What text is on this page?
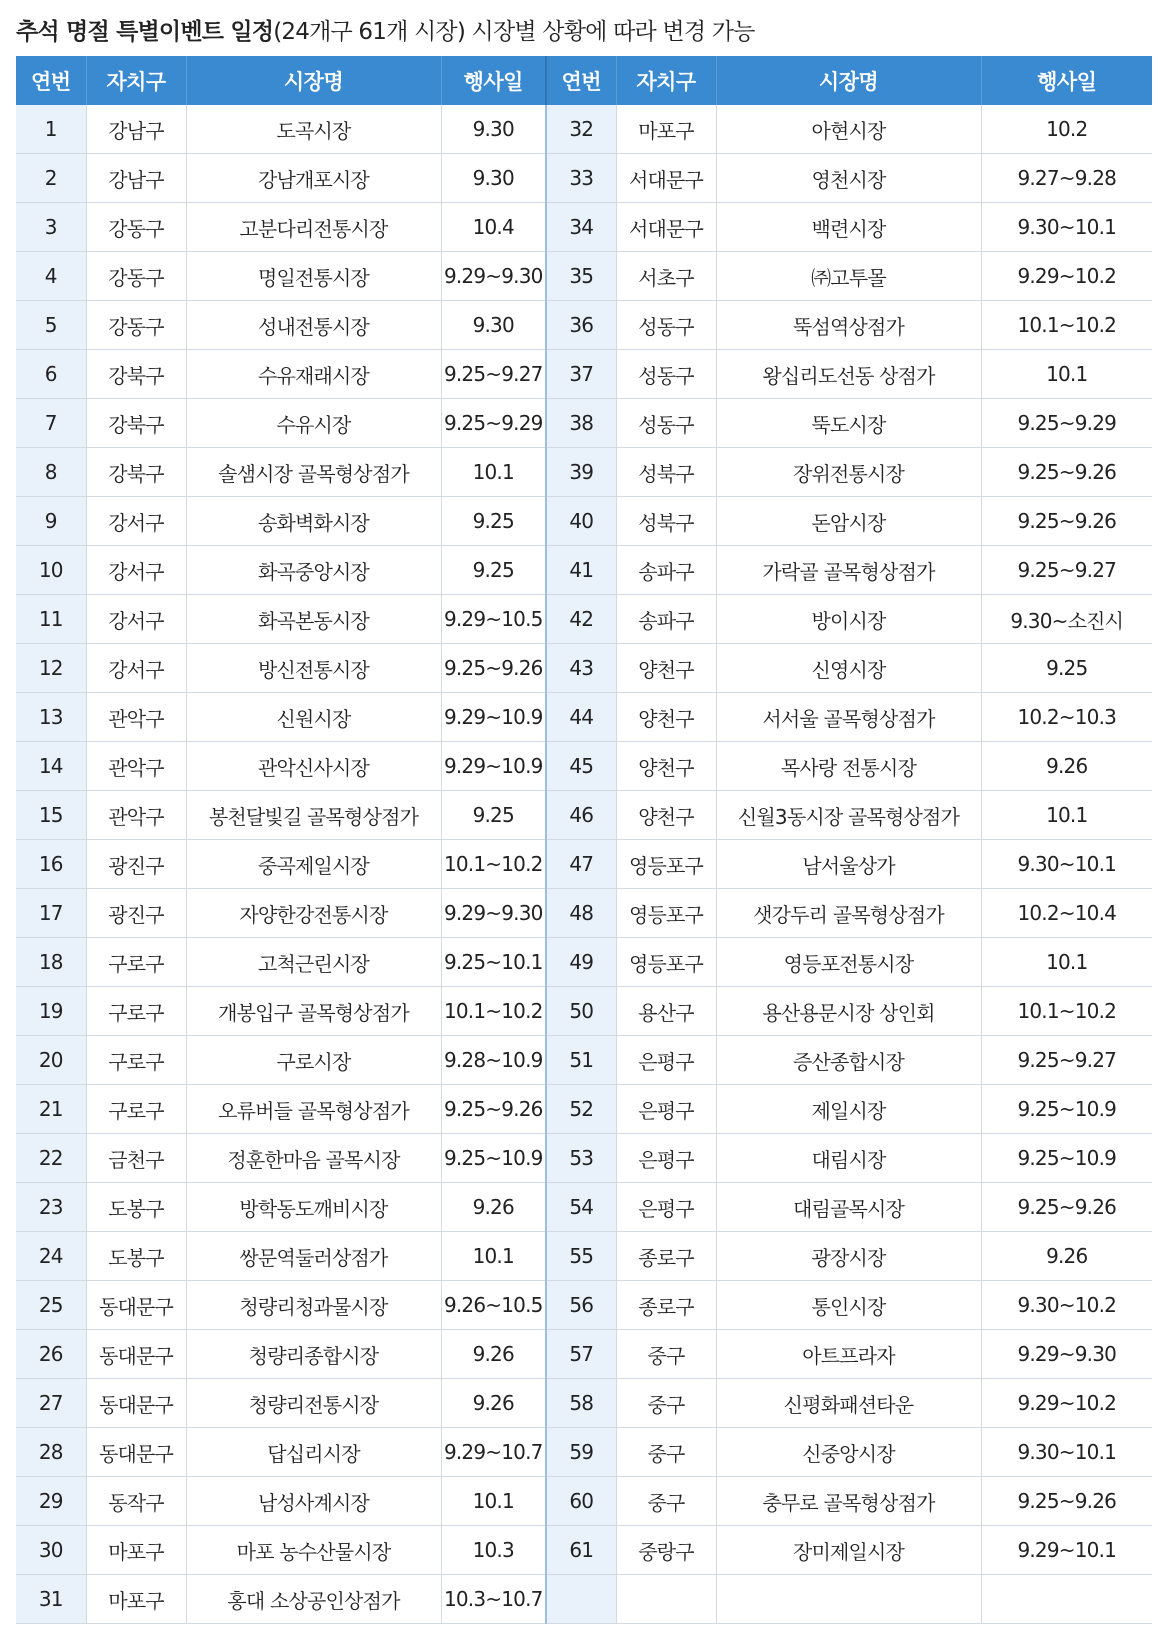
추석 명절 특별이벤트 일정(24개구 61개 시장) 시장별 상황에 따라 변경 가능
연번	자치구	시장명	행사일	연번	자치구	시장명	행사일
1	강남구	도곡시장	9.30	32	마포구	아현시장	10.2
2	강남구	강남개포시장	9.30	33	서대문구	영천시장	9.27~9.28
3	강동구	고분다리전통시장	10.4	34	서대문구	백련시장	9.30~10.1
4	강동구	명일전통시장	9.29~9.30	35	서초구	㈜고투몰	9.29~10.2
5	강동구	성내전통시장	9.30	36	성동구	뚝섬역상점가	10.1~10.2
6	강북구	수유재래시장	9.25~9.27	37	성동구	왕십리도선동 상점가	10.1
7	강북구	수유시장	9.25~9.29	38	성동구	뚝도시장	9.25~9.29
8	강북구	솔샘시장 골목형상점가	10.1	39	성북구	장위전통시장	9.25~9.26
9	강서구	송화벽화시장	9.25	40	성북구	돈암시장	9.25~9.26
10	강서구	화곡중앙시장	9.25	41	송파구	가락골 골목형상점가	9.25~9.27
11	강서구	화곡본동시장	9.29~10.5	42	송파구	방이시장	9.30~소진시
12	강서구	방신전통시장	9.25~9.26	43	양천구	신영시장	9.25
13	관악구	신원시장	9.29~10.9	44	양천구	서서울 골목형상점가	10.2~10.3
14	관악구	관악신사시장	9.29~10.9	45	양천구	목사랑 전통시장	9.26
15	관악구	봉천달빛길 골목형상점가	9.25	46	양천구	신월3동시장 골목형상점가	10.1
16	광진구	중곡제일시장	10.1~10.2	47	영등포구	남서울상가	9.30~10.1
17	광진구	자양한강전통시장	9.29~9.30	48	영등포구	샛강두리 골목형상점가	10.2~10.4
18	구로구	고척근린시장	9.25~10.1	49	영등포구	영등포전통시장	10.1
19	구로구	개봉입구 골목형상점가	10.1~10.2	50	용산구	용산용문시장 상인회	10.1~10.2
20	구로구	구로시장	9.28~10.9	51	은평구	증산종합시장	9.25~9.27
21	구로구	오류버들 골목형상점가	9.25~9.26	52	은평구	제일시장	9.25~10.9
22	금천구	정훈한마음 골목시장	9.25~10.9	53	은평구	대림시장	9.25~10.9
23	도봉구	방학동도깨비시장	9.26	54	은평구	대림골목시장	9.25~9.26
24	도봉구	쌍문역둘러상점가	10.1	55	종로구	광장시장	9.26
25	동대문구	청량리청과물시장	9.26~10.5	56	종로구	통인시장	9.30~10.2
26	동대문구	청량리종합시장	9.26	57	중구	아트프라자	9.29~9.30
27	동대문구	청량리전통시장	9.26	58	중구	신평화패션타운	9.29~10.2
28	동대문구	답십리시장	9.29~10.7	59	중구	신중앙시장	9.30~10.1
29	동작구	남성사계시장	10.1	60	중구	충무로 골목형상점가	9.25~9.26
30	마포구	마포 농수산물시장	10.3	61	중랑구	장미제일시장	9.29~10.1
31	마포구	홍대 소상공인상점가	10.3~10.7				
